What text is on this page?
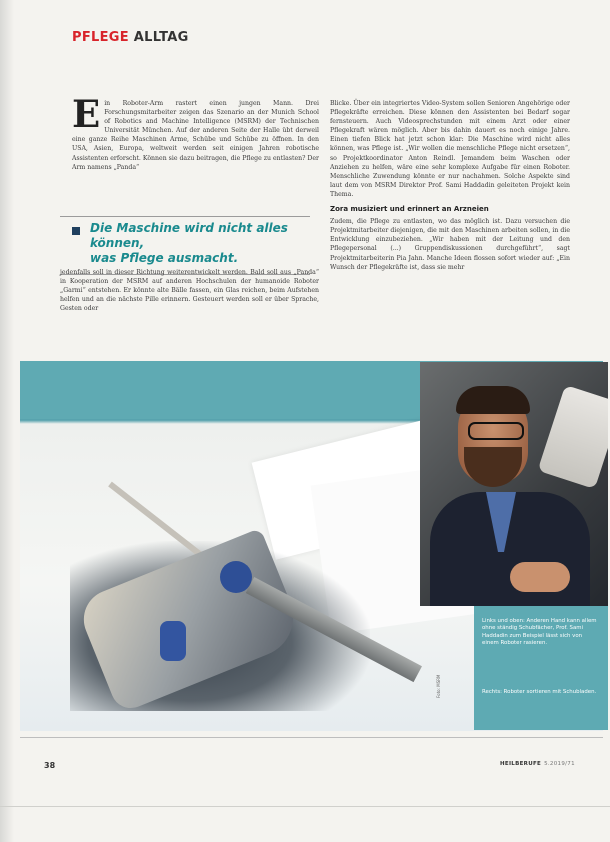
PFLEGE ALLTAG
E in Roboter-Arm rastert einen jungen Mann. Drei Forschungsmitarbeiter zeigen das Szenario an der Munich School of Robotics and Machine Intelligence (MSRM) der Technischen Universität München. Auf der anderen Seite der Halle übt derweil eine ganze Reihe Maschinen Arme, Schübe und Schübe zu öffnen. In den USA, Asien, Europa, weltweit werden seit einigen Jahren robotische Assistenten erforscht. Können sie dazu beitragen, die Pflege zu entlasten? Der Arm namens „Panda“
Die Maschine wird nicht alles können,
was Pflege ausmacht.
jedenfalls soll in dieser Richtung weiterentwickelt werden. Bald soll aus „Panda“ in Kooperation der MSRM auf anderen Hochschulen der humanoide Roboter „Garmi“ entstehen. Er könnte alte Bälle fassen, ein Glas reichen, beim Aufstehen helfen und an die nächste Pille erinnern. Gesteuert werden soll er über Sprache, Gesten oder
Blicke. Über ein integriertes Video-System sollen Senioren Angehörige oder Pflegekräfte erreichen. Diese können den Assistenten bei Bedarf sogar fernsteuern. Auch Videosprechstunden mit einem Arzt oder einer Pflegekraft wären möglich. Aber bis dahin dauert es noch einige Jahre. Einen tiefen Blick hat jetzt schon klar: Die Maschine wird nicht alles können, was Pflege ist. „Wir wollen die menschliche Pflege nicht ersetzen“, so Projektkoordinator Anton Reindl. Jemandem beim Waschen oder Anziehen zu helfen, wäre eine sehr komplexe Aufgabe für einen Roboter. Menschliche Zuwendung könnte er nur nachahmen. Solche Aspekte sind laut dem von MSRM Direktor Prof. Sami Haddadin geleiteten Projekt kein Thema.
Zora musiziert und erinnert an Arzneien
Zudem, die Pflege zu entlasten, wo das möglich ist. Dazu versuchen die Projektmitarbeiter diejenigen, die mit den Maschinen arbeiten sollen, in die Entwicklung einzubeziehen. „Wir haben mit der Leitung und den Pflegepersonal (...) Gruppendiskussionen durchgeführt“, sagt Projektmitarbeiterin Pia Jahn. Manche Ideen flossen sofort wieder auf: „Ein Wunsch der Pflegekräfte ist, dass sie mehr
Links und oben: Anderen Hand kann allem ohne ständig Schubfächer, Prof. Sami Haddadin zum Beispiel lässt sich von einem Roboter rasieren.
Rechts: Roboter sortieren mit Schubladen.
Foto: MSRM
38	HEILBERUFE 5.2019/71
